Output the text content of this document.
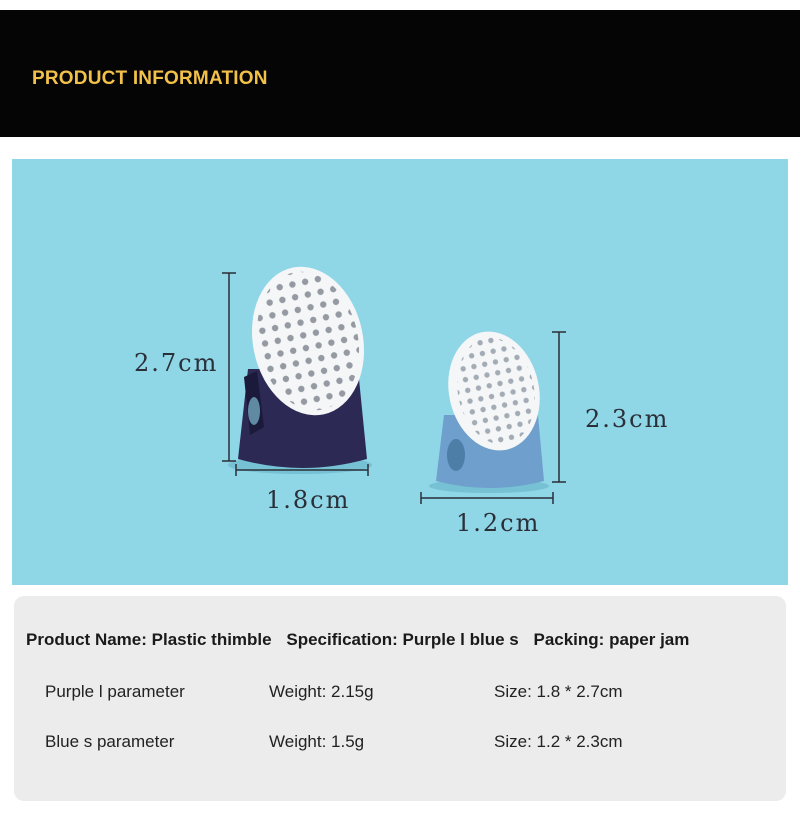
PRODUCT INFORMATION
2.7cm
1.8cm
2.3cm
1.2cm
Product Name: Plastic thimble Specification: Purple l blue s Packing: paper jam
Purple l parameter	Weight: 2.15g	Size: 1.8 * 2.7cm
Blue s parameter	Weight: 1.5g	Size: 1.2 * 2.3cm
